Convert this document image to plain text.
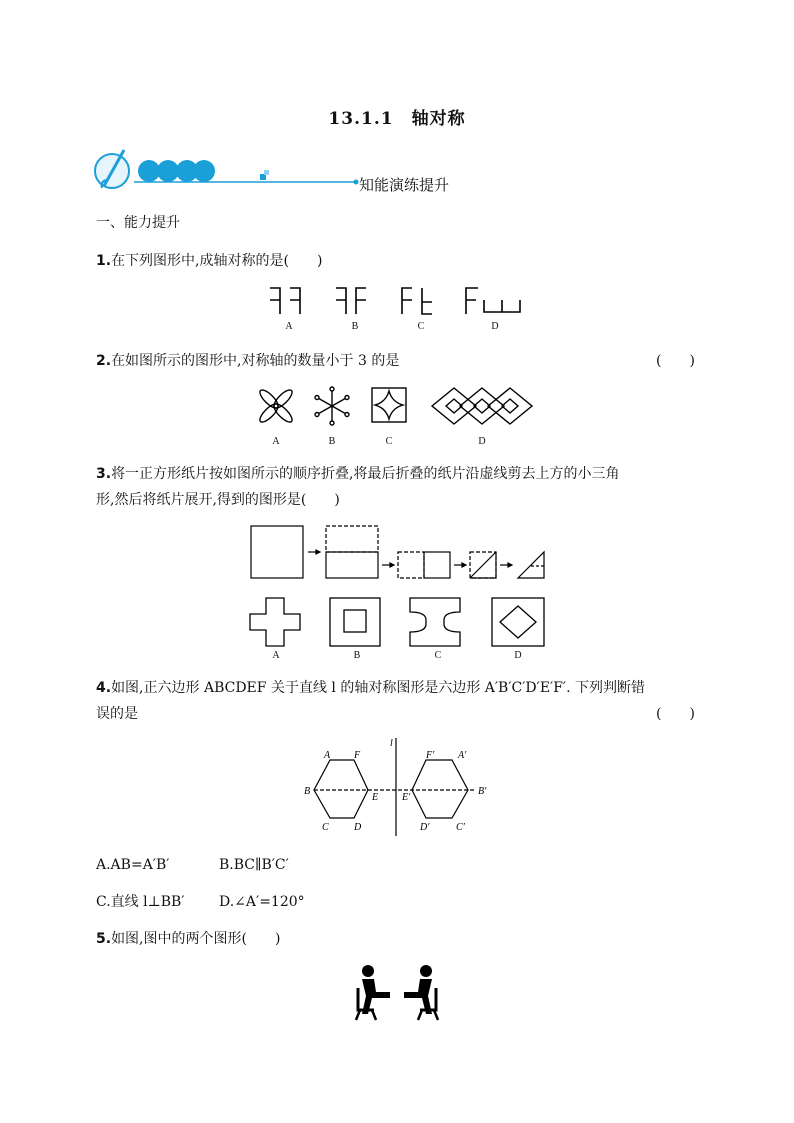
13.1.1　轴对称
知能演练提升
一、能力提升
1.在下列图形中,成轴对称的是(　　)
A	B	C	D
2.在如图所示的图形中,对称轴的数量小于 3 的是	(　　)
A	B	C	D
3.将一正方形纸片按如图所示的顺序折叠,将最后折叠的纸片沿虚线剪去上方的小三角
形,然后将纸片展开,得到的图形是(　　)
A	B	C	D
4.如图,正六边形 ABCDEF 关于直线 l 的轴对称图形是六边形 A′B′C′D′E′F′. 下列判断错
误的是	(　　)
A F
B
E
C	D
l
F′ A′
E′
B′
D′	C′
A.AB=A′B′	B.BC∥B′C′
C.直线 l⊥BB′ D.∠A′=120°
5.如图,图中的两个图形(　　)
